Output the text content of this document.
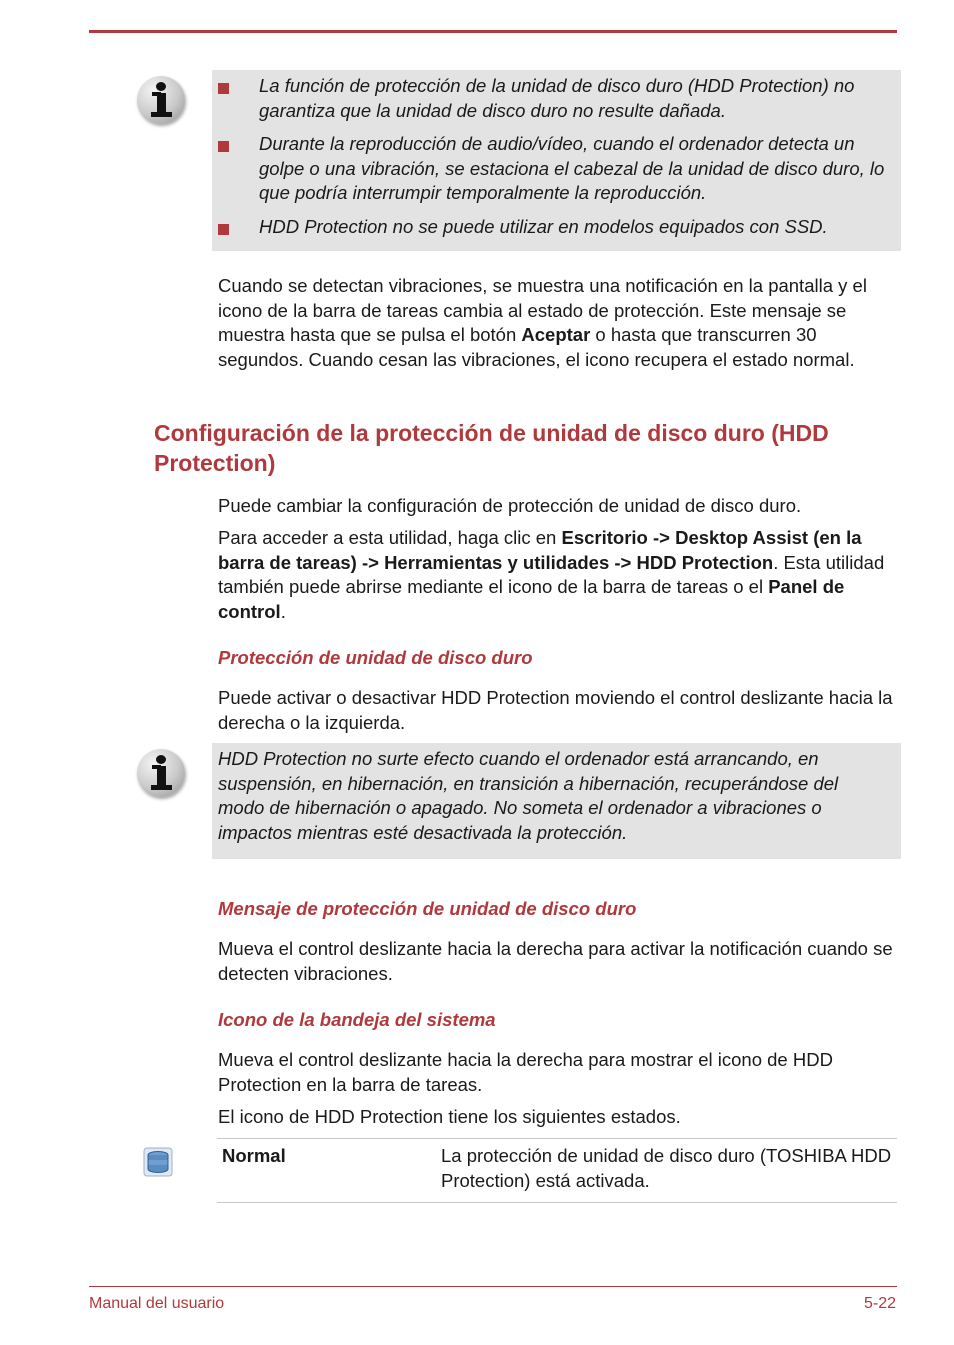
La función de protección de la unidad de disco duro (HDD Protection) no garantiza que la unidad de disco duro no resulte dañada.
Durante la reproducción de audio/vídeo, cuando el ordenador detecta un golpe o una vibración, se estaciona el cabezal de la unidad de disco duro, lo que podría interrumpir temporalmente la reproducción.
HDD Protection no se puede utilizar en modelos equipados con SSD.

Cuando se detectan vibraciones, se muestra una notificación en la pantalla y el icono de la barra de tareas cambia al estado de protección. Este mensaje se muestra hasta que se pulsa el botón Aceptar o hasta que transcurren 30 segundos. Cuando cesan las vibraciones, el icono recupera el estado normal.

Configuración de la protección de unidad de disco duro (HDD Protection)

Puede cambiar la configuración de protección de unidad de disco duro.

Para acceder a esta utilidad, haga clic en Escritorio -> Desktop Assist (en la barra de tareas) -> Herramientas y utilidades -> HDD Protection. Esta utilidad también puede abrirse mediante el icono de la barra de tareas o el Panel de control.

Protección de unidad de disco duro

Puede activar o desactivar HDD Protection moviendo el control deslizante hacia la derecha o la izquierda.

HDD Protection no surte efecto cuando el ordenador está arrancando, en suspensión, en hibernación, en transición a hibernación, recuperándose del modo de hibernación o apagado. No someta el ordenador a vibraciones o impactos mientras esté desactivada la protección.

Mensaje de protección de unidad de disco duro

Mueva el control deslizante hacia la derecha para activar la notificación cuando se detecten vibraciones.

Icono de la bandeja del sistema

Mueva el control deslizante hacia la derecha para mostrar el icono de HDD Protection en la barra de tareas.

El icono de HDD Protection tiene los siguientes estados.

Normal	La protección de unidad de disco duro (TOSHIBA HDD Protection) está activada.
Manual del usuario	5-22
